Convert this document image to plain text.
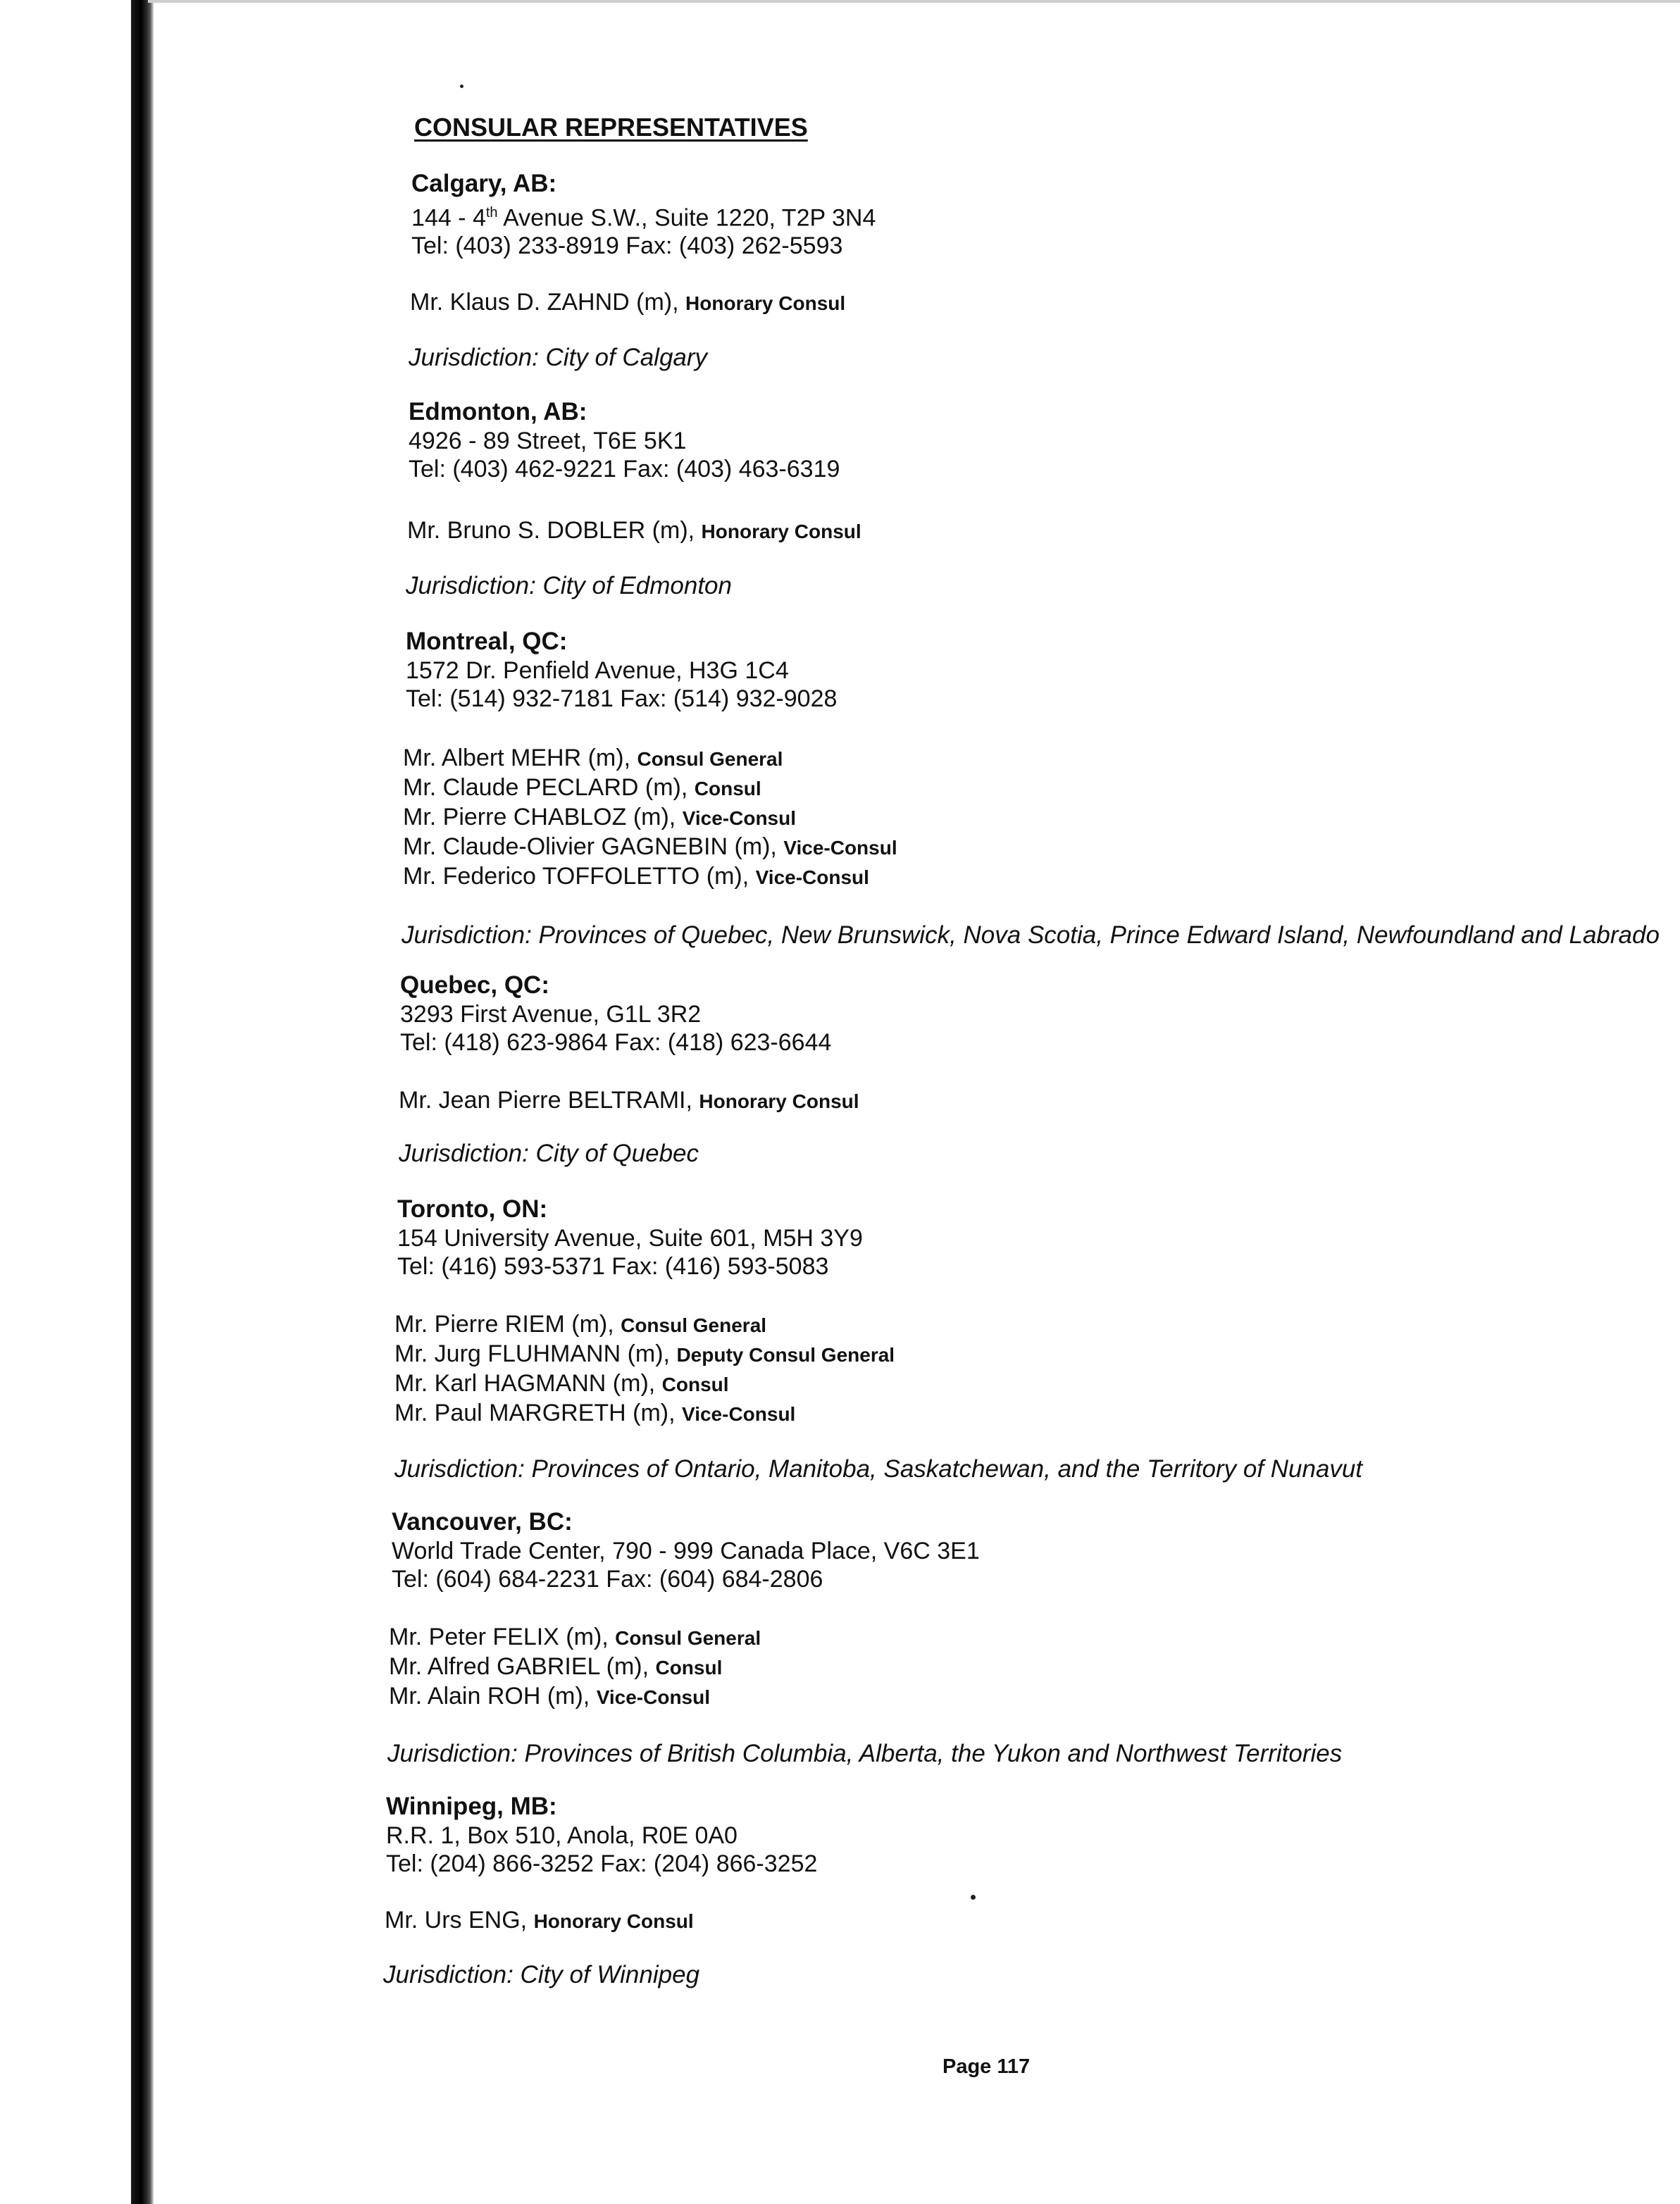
CONSULAR REPRESENTATIVES
Calgary, AB:
144 - 4th Avenue S.W., Suite 1220, T2P 3N4
Tel: (403) 233-8919 Fax: (403) 262-5593
Mr. Klaus D. ZAHND (m), Honorary Consul
Jurisdiction: City of Calgary
Edmonton, AB:
4926 - 89 Street, T6E 5K1
Tel: (403) 462-9221 Fax: (403) 463-6319
Mr. Bruno S. DOBLER (m), Honorary Consul
Jurisdiction: City of Edmonton
Montreal, QC:
1572 Dr. Penfield Avenue, H3G 1C4
Tel: (514) 932-7181 Fax: (514) 932-9028
Mr. Albert MEHR (m), Consul General
Mr. Claude PECLARD (m), Consul
Mr. Pierre CHABLOZ (m), Vice-Consul
Mr. Claude-Olivier GAGNEBIN (m), Vice-Consul
Mr. Federico TOFFOLETTO (m), Vice-Consul
Jurisdiction: Provinces of Quebec, New Brunswick, Nova Scotia, Prince Edward Island, Newfoundland and Labrado
Quebec, QC:
3293 First Avenue, G1L 3R2
Tel: (418) 623-9864 Fax: (418) 623-6644
Mr. Jean Pierre BELTRAMI, Honorary Consul
Jurisdiction: City of Quebec
Toronto, ON:
154 University Avenue, Suite 601, M5H 3Y9
Tel: (416) 593-5371 Fax: (416) 593-5083
Mr. Pierre RIEM (m), Consul General
Mr. Jurg FLUHMANN (m), Deputy Consul General
Mr. Karl HAGMANN (m), Consul
Mr. Paul MARGRETH (m), Vice-Consul
Jurisdiction: Provinces of Ontario, Manitoba, Saskatchewan, and the Territory of Nunavut
Vancouver, BC:
World Trade Center, 790 - 999 Canada Place, V6C 3E1
Tel: (604) 684-2231 Fax: (604) 684-2806
Mr. Peter FELIX (m), Consul General
Mr. Alfred GABRIEL (m), Consul
Mr. Alain ROH (m), Vice-Consul
Jurisdiction: Provinces of British Columbia, Alberta, the Yukon and Northwest Territories
Winnipeg, MB:
R.R. 1, Box 510, Anola, R0E 0A0
Tel: (204) 866-3252 Fax: (204) 866-3252
Mr. Urs ENG, Honorary Consul
Jurisdiction: City of Winnipeg
Page 117
